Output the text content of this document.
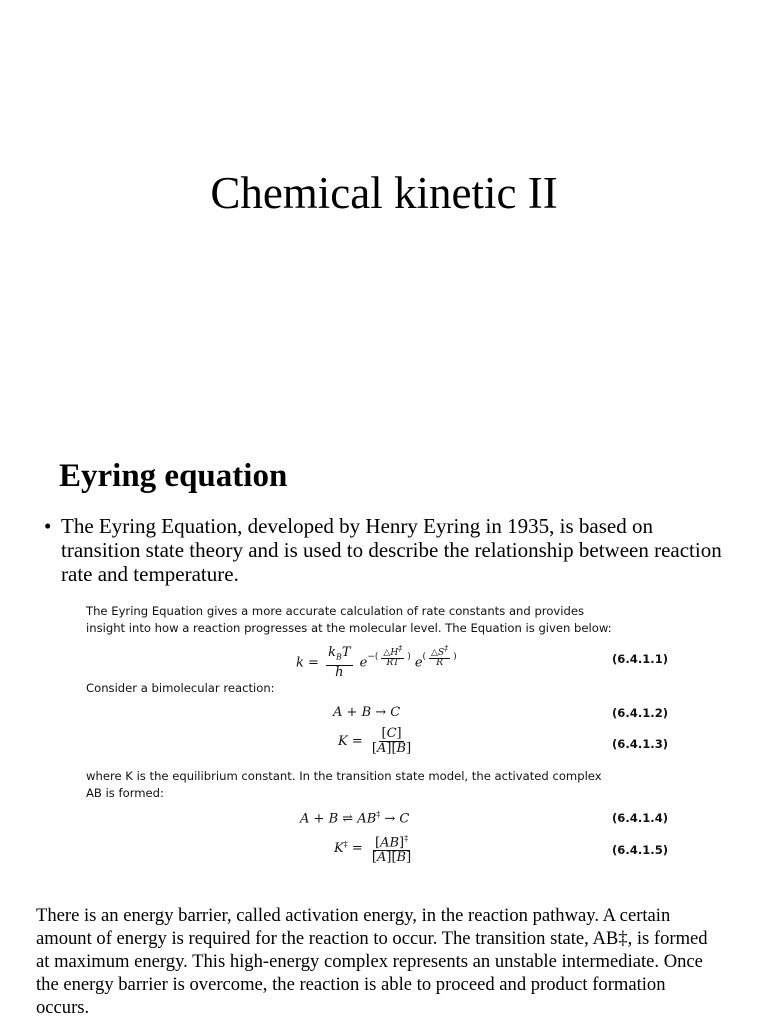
Chemical kinetic II
Eyring equation
• The Eyring Equation, developed by Henry Eyring in 1935, is based on transition state theory and is used to describe the relationship between reaction rate and temperature.
The Eyring Equation gives a more accurate calculation of rate constants and provides
insight into how a reaction progresses at the molecular level. The Equation is given below:
$k = \frac{k_BT}{h} e^{-( \frac{\triangle H\ddagger}{RT} )}$ $e^{( \frac{\triangle S\ddagger}{R} )}$	(6.4.1.1)
Consider a bimolecular reaction:
A + B → C	(6.4.1.2)
$K = \frac{[C]}{[A][B]}$	(6.4.1.3)
where K is the equilibrium constant. In the transition state model, the activated complex
AB is formed:
A + B ⇌ AB‡ → C	(6.4.1.4)
$K^\ddagger = \frac{[AB]^\ddagger}{[A][B]}$	(6.4.1.5)
There is an energy barrier, called activation energy, in the reaction pathway. A certain amount of energy is required for the reaction to occur. The transition state, AB‡, is formed at maximum energy. This high-energy complex represents an unstable intermediate. Once the energy barrier is overcome, the reaction is able to proceed and product formation occurs.
